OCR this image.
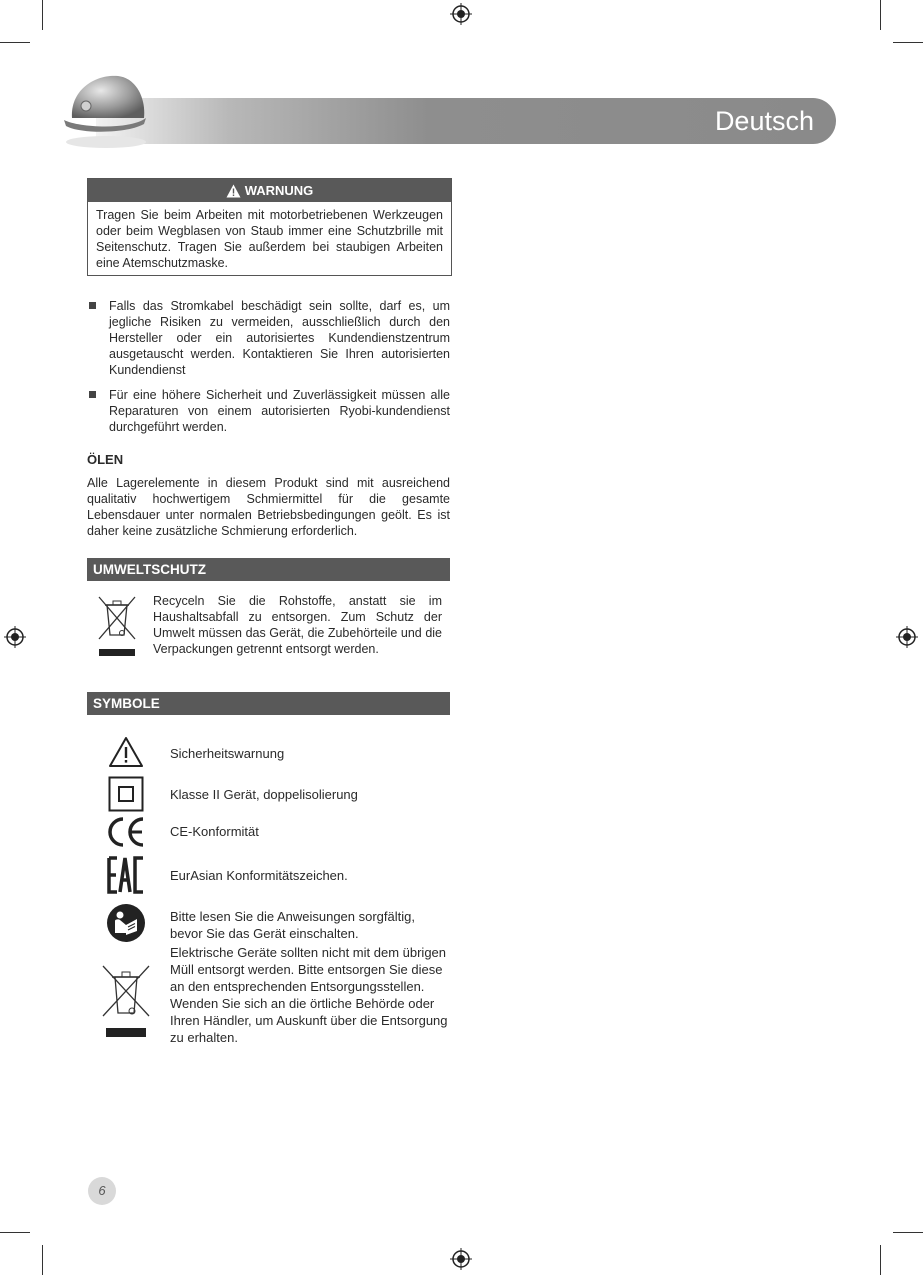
Deutsch
WARNUNG
Tragen Sie beim Arbeiten mit motorbetriebenen Werkzeugen oder beim Wegblasen von Staub immer eine Schutzbrille mit Seitenschutz. Tragen Sie außerdem bei staubigen Arbeiten eine Atemschutzmaske.
Falls das Stromkabel beschädigt sein sollte, darf es, um jegliche Risiken zu vermeiden, ausschließlich durch den Hersteller oder ein autorisiertes Kundendienstzentrum ausgetauscht werden. Kontaktieren Sie Ihren autorisierten Kundendienst
Für eine höhere Sicherheit und Zuverlässigkeit müssen alle Reparaturen von einem autorisierten Ryobi-kundendienst durchgeführt werden.
ÖLEN
Alle Lagerelemente in diesem Produkt sind mit ausreichend qualitativ hochwertigem Schmiermittel für die gesamte Lebensdauer unter normalen Betriebsbedingungen geölt. Es ist daher keine zusätzliche Schmierung erforderlich.
UMWELTSCHUTZ
Recyceln Sie die Rohstoffe, anstatt sie im Haushaltsabfall zu entsorgen. Zum Schutz der Umwelt müssen das Gerät, die Zubehörteile und die Verpackungen getrennt entsorgt werden.
SYMBOLE
Sicherheitswarnung
Klasse II Gerät, doppelisolierung
CE-Konformität
EurAsian Konformitätszeichen.
Bitte lesen Sie die Anweisungen sorgfältig, bevor Sie das Gerät einschalten.
Elektrische Geräte sollten nicht mit dem übrigen Müll entsorgt werden. Bitte entsorgen Sie diese an den entsprechenden Entsorgungsstellen. Wenden Sie sich an die örtliche Behörde oder Ihren Händler, um Auskunft über die Entsorgung zu erhalten.
6
